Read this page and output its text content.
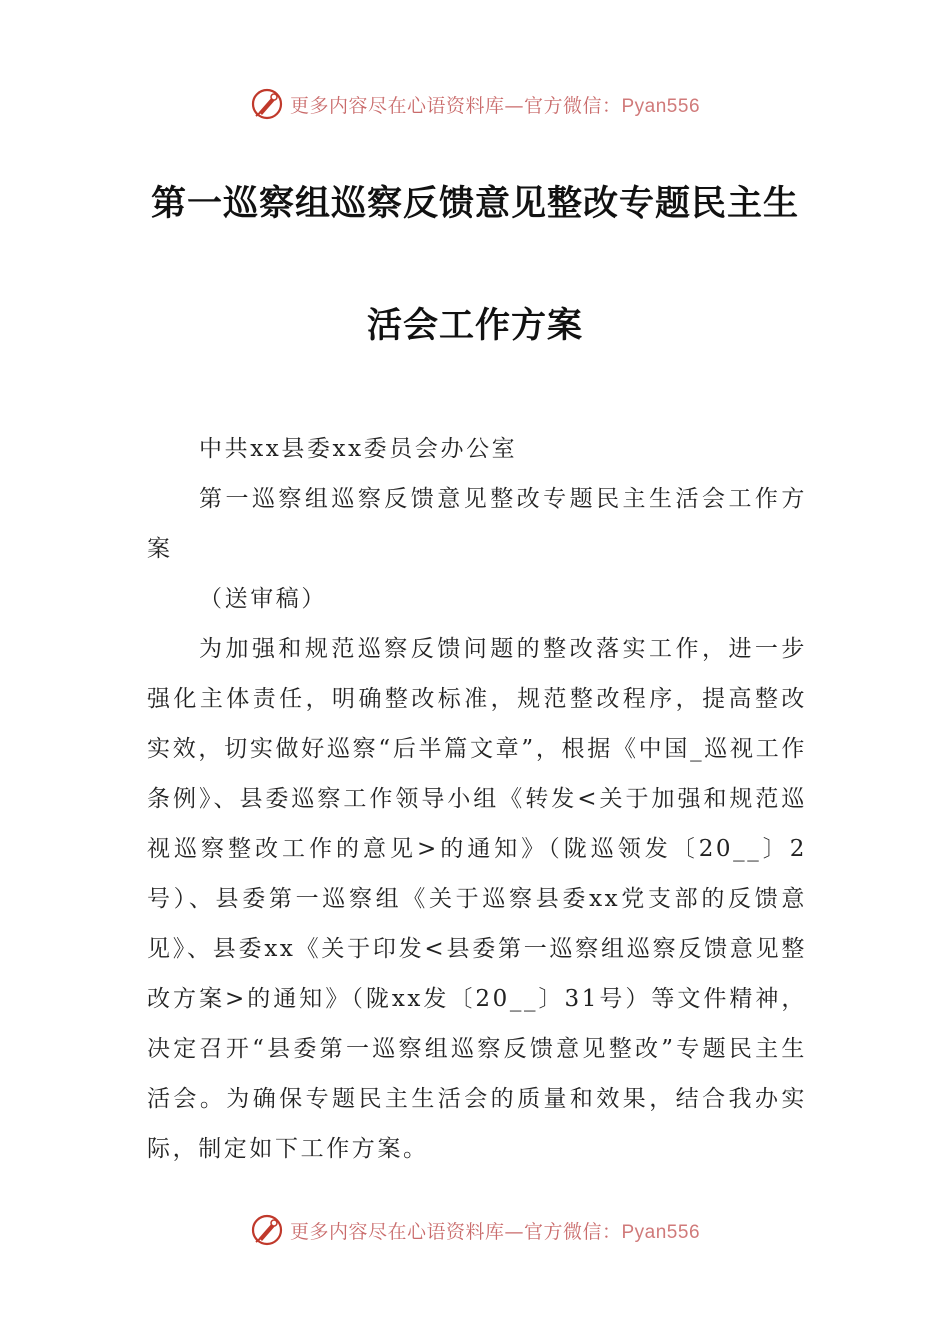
更多内容尽在心语资料库—官方微信：Pyan556
第一巡察组巡察反馈意见整改专题民主生
活会工作方案

中共xx县委xx委员会办公室

第一巡察组巡察反馈意见整改专题民主生活会工作方案

（送审稿）

为加强和规范巡察反馈问题的整改落实工作，进一步强化主体责任，明确整改标准，规范整改程序，提高整改实效，切实做好巡察“后半篇文章”，根据《中国_巡视工作条例》、县委巡察工作领导小组《转发<关于加强和规范巡视巡察整改工作的意见>的通知》（陇巡领发〔20__〕2号）、县委第一巡察组《关于巡察县委xx党支部的反馈意见》、县委xx《关于印发<县委第一巡察组巡察反馈意见整改方案>的通知》（陇xx发〔20__〕31号）等文件精神，决定召开“县委第一巡察组巡察反馈意见整改”专题民主生活会。为确保专题民主生活会的质量和效果，结合我办实际，制定如下工作方案。

更多内容尽在心语资料库—官方微信：Pyan556
